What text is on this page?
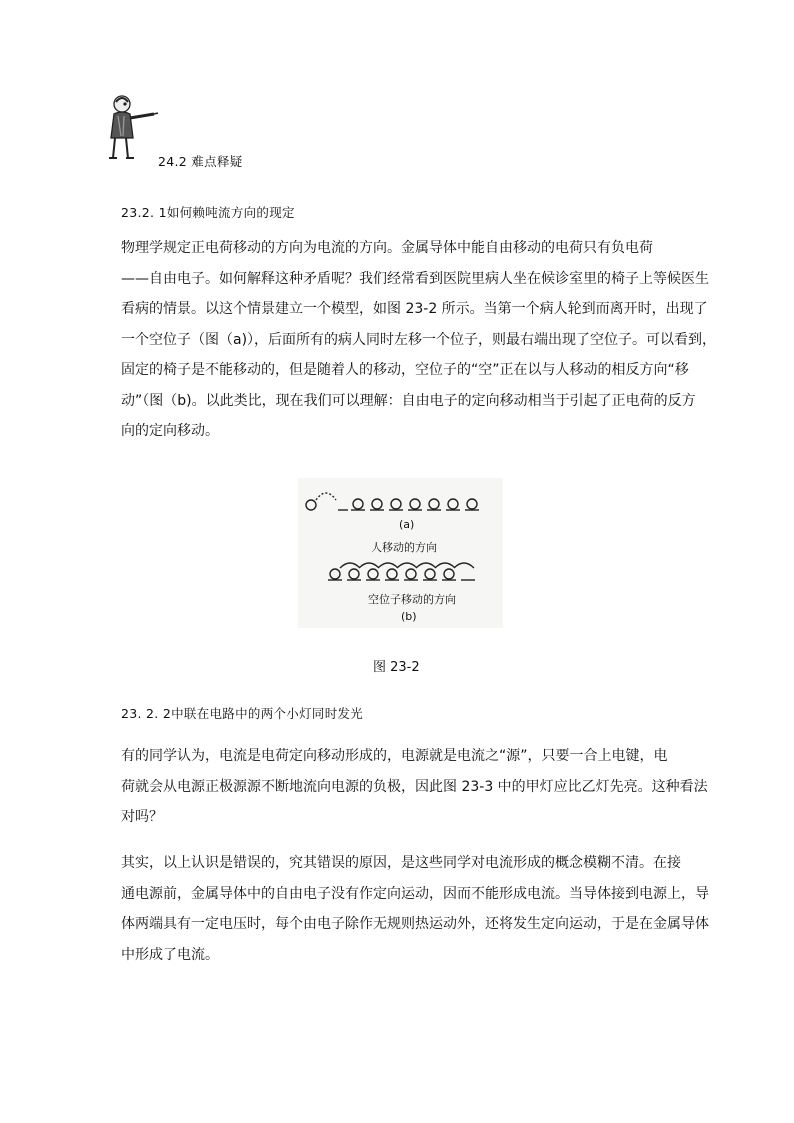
24.2 难点释疑
23.2. 1如何赖吨流方向的现定
物理学规定正电荷移动的方向为电流的方向。金属导体中能自由移动的电荷只有负电荷
——自由电子。如何解释这种矛盾呢？我们经常看到医院里病人坐在候诊室里的椅子上等候医生
看病的情景。以这个情景建立一个模型，如图 23-2 所示。当第一个病人轮到而离开时，出现了
一个空位子（图（a)），后面所有的病人同时左移一个位子，则最右端出现了空位子。可以看到，
固定的椅子是不能移动的，但是随着人的移动，空位子的“空”正在以与人移动的相反方向“移
动”（图（b)。以此类比，现在我们可以理解：自由电子的定向移动相当于引起了正电荷的反方
向的定向移动。
(a)
人移动的方向
空位子移动的方向
(b)
图 23-2
23. 2. 2中联在电路中的两个小灯同时发光
有的同学认为，电流是电荷定向移动形成的，电源就是电流之“源”，只要一合上电键，电
荷就会从电源正极源源不断地流向电源的负极，因此图 23-3 中的甲灯应比乙灯先亮。这种看法
对吗？
其实，以上认识是错误的，究其错误的原因，是这些同学对电流形成的概念模糊不清。在接
通电源前，金属导体中的自由电子没有作定向运动，因而不能形成电流。当导体接到电源上，导
体两端具有一定电压时，每个由电子除作无规则热运动外，还将发生定向运动，于是在金属导体
中形成了电流。
